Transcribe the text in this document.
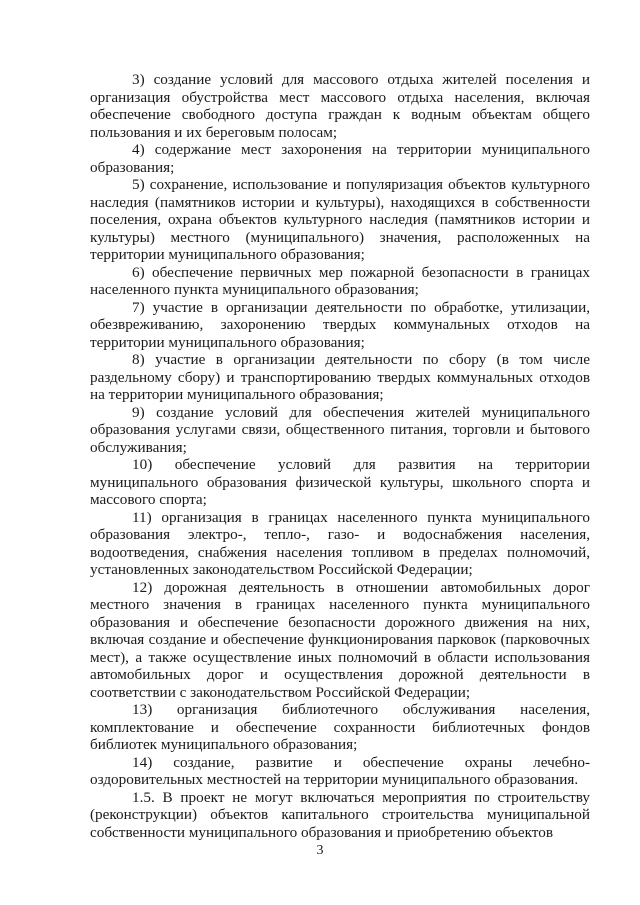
3) создание условий для массового отдыха жителей поселения и организация обустройства мест массового отдыха населения, включая обеспечение свободного доступа граждан к водным объектам общего пользования и их береговым полосам;

4) содержание мест захоронения на территории муниципального образования;

5) сохранение, использование и популяризация объектов культурного наследия (памятников истории и культуры), находящихся в собственности поселения, охрана объектов культурного наследия (памятников истории и культуры) местного (муниципального) значения, расположенных на территории муниципального образования;

6) обеспечение первичных мер пожарной безопасности в границах населенного пункта муниципального образования;

7) участие в организации деятельности по обработке, утилизации, обезвреживанию, захоронению твердых коммунальных отходов на территории муниципального образования;

8) участие в организации деятельности по сбору (в том числе раздельному сбору) и транспортированию твердых коммунальных отходов на территории муниципального образования;

9) создание условий для обеспечения жителей муниципального образования услугами связи, общественного питания, торговли и бытового обслуживания;

10) обеспечение условий для развития на территории муниципального образования физической культуры, школьного спорта и массового спорта;

11) организация в границах населенного пункта муниципального образования электро-, тепло-, газо- и водоснабжения населения, водоотведения, снабжения населения топливом в пределах полномочий, установленных законодательством Российской Федерации;

12) дорожная деятельность в отношении автомобильных дорог местного значения в границах населенного пункта муниципального образования и обеспечение безопасности дорожного движения на них, включая создание и обеспечение функционирования парковок (парковочных мест), а также осуществление иных полномочий в области использования автомобильных дорог и осуществления дорожной деятельности в соответствии с законодательством Российской Федерации;

13) организация библиотечного обслуживания населения, комплектование и обеспечение сохранности библиотечных фондов библиотек муниципального образования;

14) создание, развитие и обеспечение охраны лечебно-оздоровительных местностей на территории муниципального образования.

1.5. В проект не могут включаться мероприятия по строительству (реконструкции) объектов капитального строительства муниципальной собственности муниципального образования и приобретению объектов

3
